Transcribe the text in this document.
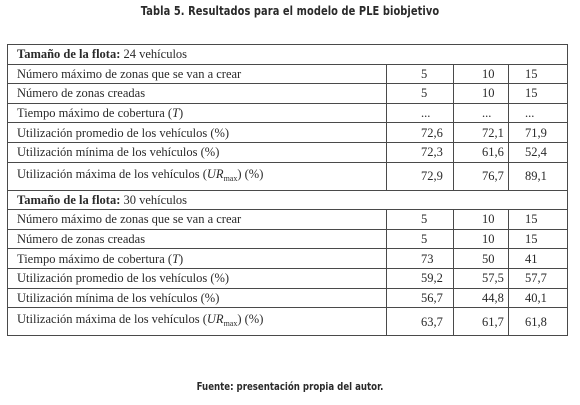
Tabla 5. Resultados para el modelo de PLE biobjetivo
Tamaño de la flota: 24 vehículos			
Número máximo de zonas que se van a crear	5	10	15
Número de zonas creadas	5	10	15
Tiempo máximo de cobertura (T)	...	...	...
Utilización promedio de los vehículos (%)	72,6	72,1	71,9
Utilización mínima de los vehículos (%)	72,3	61,6	52,4
Utilización máxima de los vehículos $(UR_{max})$ (%)	72,9	76,7	89,1
Tamaño de la flota: 30 vehículos			
Número máximo de zonas que se van a crear	5	10	15
Número de zonas creadas	5	10	15
Tiempo máximo de cobertura (T)	73	50	41
Utilización promedio de los vehículos (%)	59,2	57,5	57,7
Utilización mínima de los vehículos (%)	56,7	44,8	40,1
Utilización máxima de los vehículos $(UR_{max})$ (%)	63,7	61,7	61,8
Fuente: presentación propia del autor.
